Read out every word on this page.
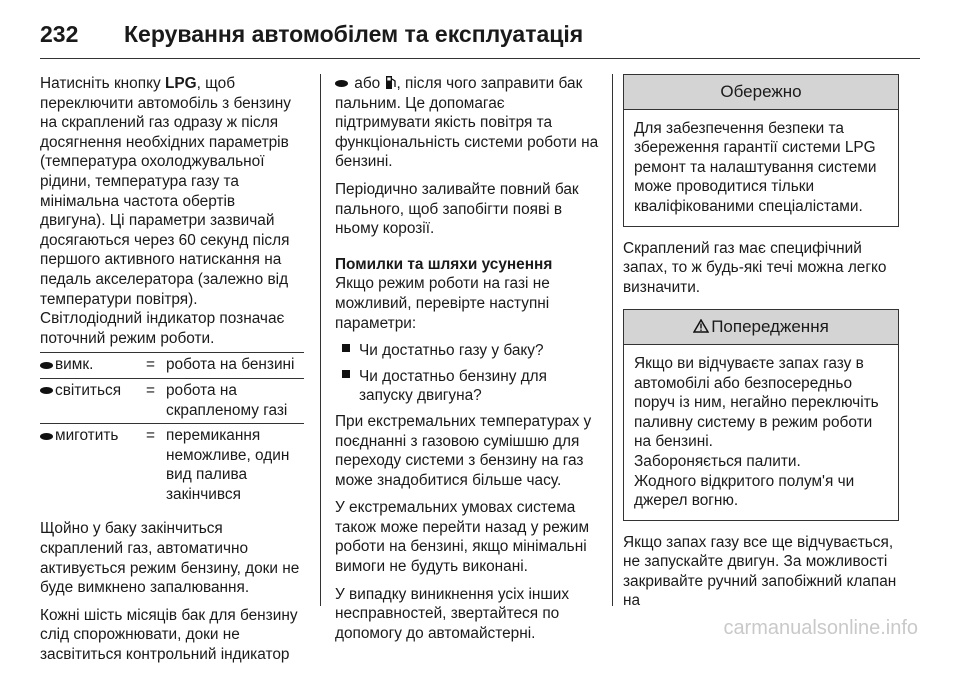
232	Керування автомобілем та експлуатація

Натисніть кнопку LPG, щоб переключити автомобіль з бензину на скраплений газ одразу ж після досягнення необхідних параметрів (температура охолоджувальної рідини, температура газу та мінімальна частота обертів двигуна). Ці параметри зазвичай досягаються через 60 секунд після першого активного натискання на педаль акселератора (залежно від температури повітря).

Світлодіодний індикатор позначає поточний режим роботи.

вимк.	= робота на бензині
світиться	= робота на скрапленому газі
миготить	= перемикання неможливе, один вид палива закінчився

Щойно у баку закінчиться скраплений газ, автоматично активується режим бензину, доки не буде вимкнено запалювання.

Кожні шість місяців бак для бензину слід спорожнювати, доки не засвітиться контрольний індикатор

або , після чого заправити бак пальним. Це допомагає підтримувати якість повітря та функціональність системи роботи на бензині.

Періодично заливайте повний бак пального, щоб запобігти появі в ньому корозії.

Помилки та шляхи усунення

Якщо режим роботи на газі не можливий, перевірте наступні параметри:

Чи достатньо газу у баку?
Чи достатньо бензину для запуску двигуна?

При екстремальних температурах у поєднанні з газовою сумішшю для переходу системи з бензину на газ може знадобитися більше часу.

У екстремальних умовах система також може перейти назад у режим роботи на бензині, якщо мінімальні вимоги не будуть виконані.

У випадку виникнення усіх інших несправностей, звертайтеся по допомогу до автомайстерні.

Обережно
Для забезпечення безпеки та збереження гарантії системи LPG ремонт та налаштування системи може проводитися тільки кваліфікованими спеціалістами.

Скраплений газ має специфічний запах, то ж будь-які течі можна легко визначити.

Попередження
Якщо ви відчуваєте запах газу в автомобілі або безпосередньо поруч із ним, негайно переключіть паливну систему в режим роботи на бензині.
Забороняється палити.
Жодного відкритого полум'я чи джерел вогню.

Якщо запах газу все ще відчувається, не запускайте двигун. За можливості закривайте ручний запобіжний клапан на

carmanualsonline.info
